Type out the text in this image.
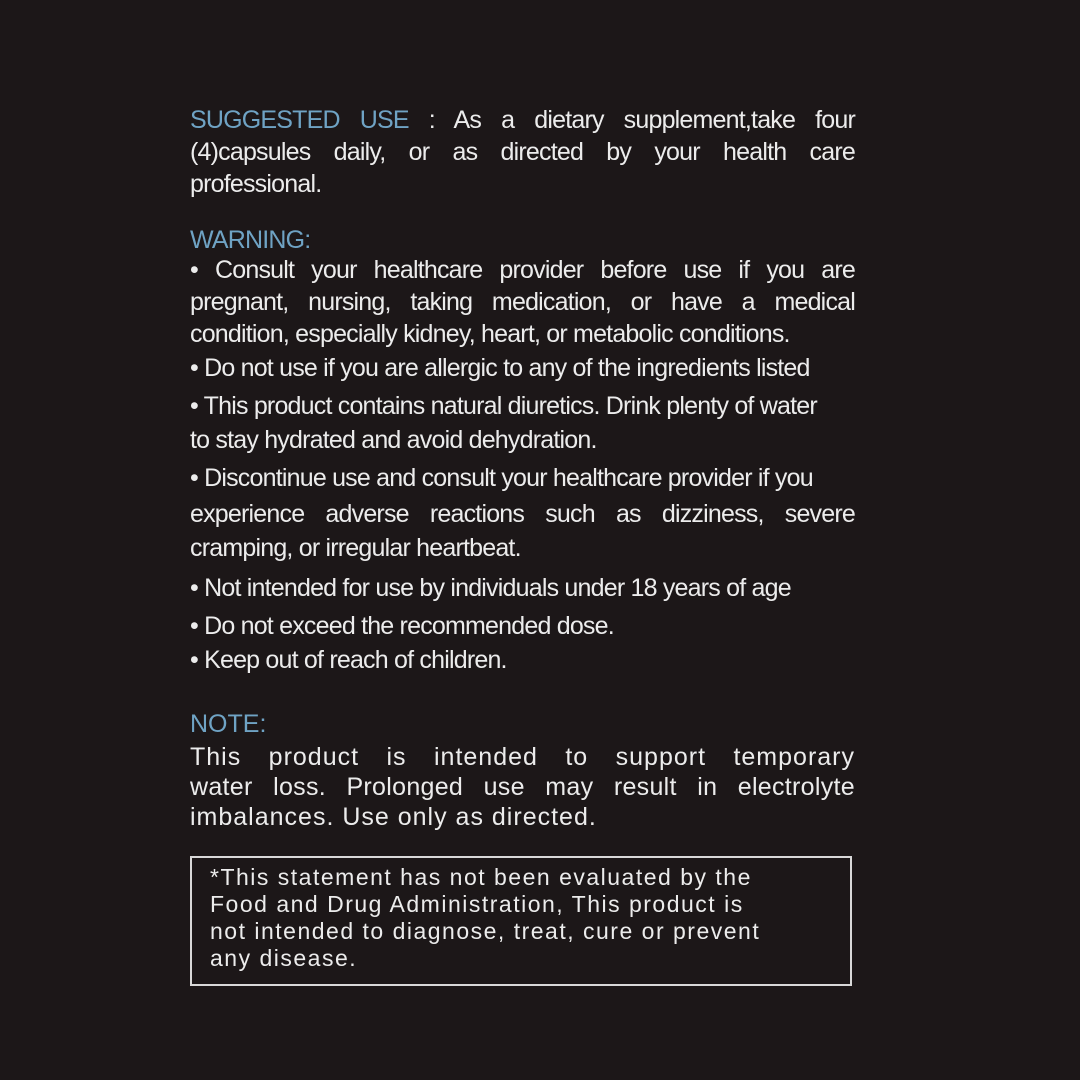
SUGGESTED USE : As a dietary supplement,take four
(4)capsules daily, or as directed by your health care
professional.
WARNING:
• Consult your healthcare provider before use if you are
pregnant, nursing, taking medication, or have a medical
condition, especially kidney, heart, or metabolic conditions.
• Do not use if you are allergic to any of the ingredients listed
• This product contains natural diuretics. Drink plenty of water
to stay hydrated and avoid dehydration.
• Discontinue use and consult your healthcare provider if you
experience adverse reactions such as dizziness, severe
cramping, or irregular heartbeat.
• Not intended for use by individuals under 18 years of age
• Do not exceed the recommended dose.
• Keep out of reach of children.
NOTE:
This product is intended to support temporary
water loss. Prolonged use may result in electrolyte
imbalances. Use only as directed.
*This statement has not been evaluated by the
Food and Drug Administration, This product is
not intended to diagnose, treat, cure or prevent
any disease.
